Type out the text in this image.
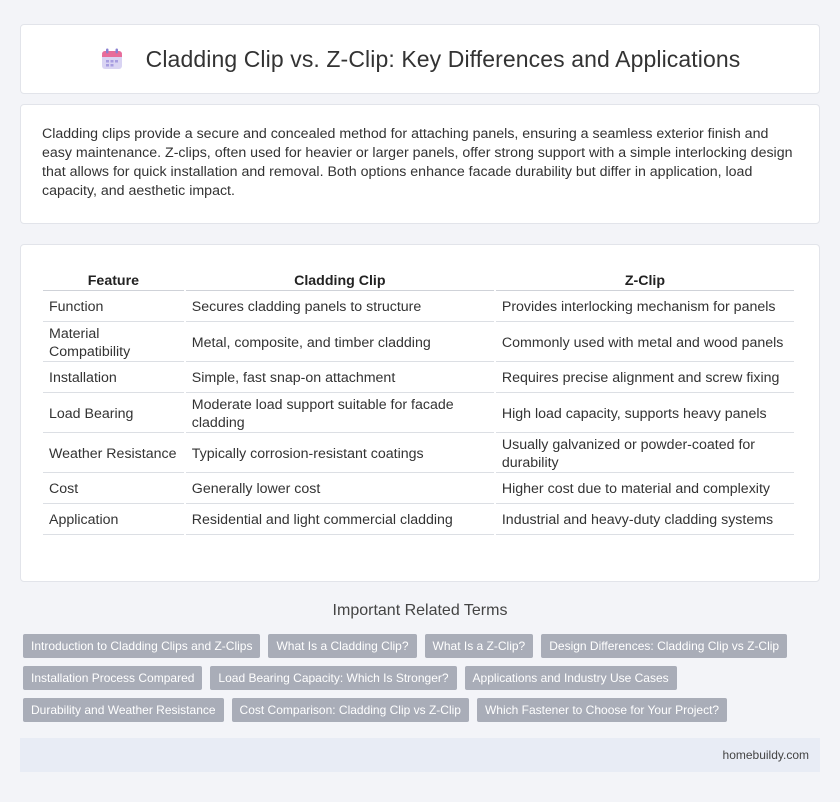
Cladding Clip vs. Z-Clip: Key Differences and Applications

Cladding clips provide a secure and concealed method for attaching panels, ensuring a seamless exterior finish and easy maintenance. Z-clips, often used for heavier or larger panels, offer strong support with a simple interlocking design that allows for quick installation and removal. Both options enhance facade durability but differ in application, load capacity, and aesthetic impact.

Feature	Cladding Clip	Z-Clip
Function	Secures cladding panels to structure	Provides interlocking mechanism for panels
Material Compatibility	Metal, composite, and timber cladding	Commonly used with metal and wood panels
Installation	Simple, fast snap-on attachment	Requires precise alignment and screw fixing
Load Bearing	Moderate load support suitable for facade cladding	High load capacity, supports heavy panels
Weather Resistance	Typically corrosion-resistant coatings	Usually galvanized or powder-coated for durability
Cost	Generally lower cost	Higher cost due to material and complexity
Application	Residential and light commercial cladding	Industrial and heavy-duty cladding systems
Important Related Terms
Introduction to Cladding Clips and Z-Clips	What Is a Cladding Clip?	What Is a Z-Clip?	Design Differences: Cladding Clip vs Z-Clip
Installation Process Compared	Load Bearing Capacity: Which Is Stronger?	Applications and Industry Use Cases
Durability and Weather Resistance	Cost Comparison: Cladding Clip vs Z-Clip	Which Fastener to Choose for Your Project?
homebuildy.com
